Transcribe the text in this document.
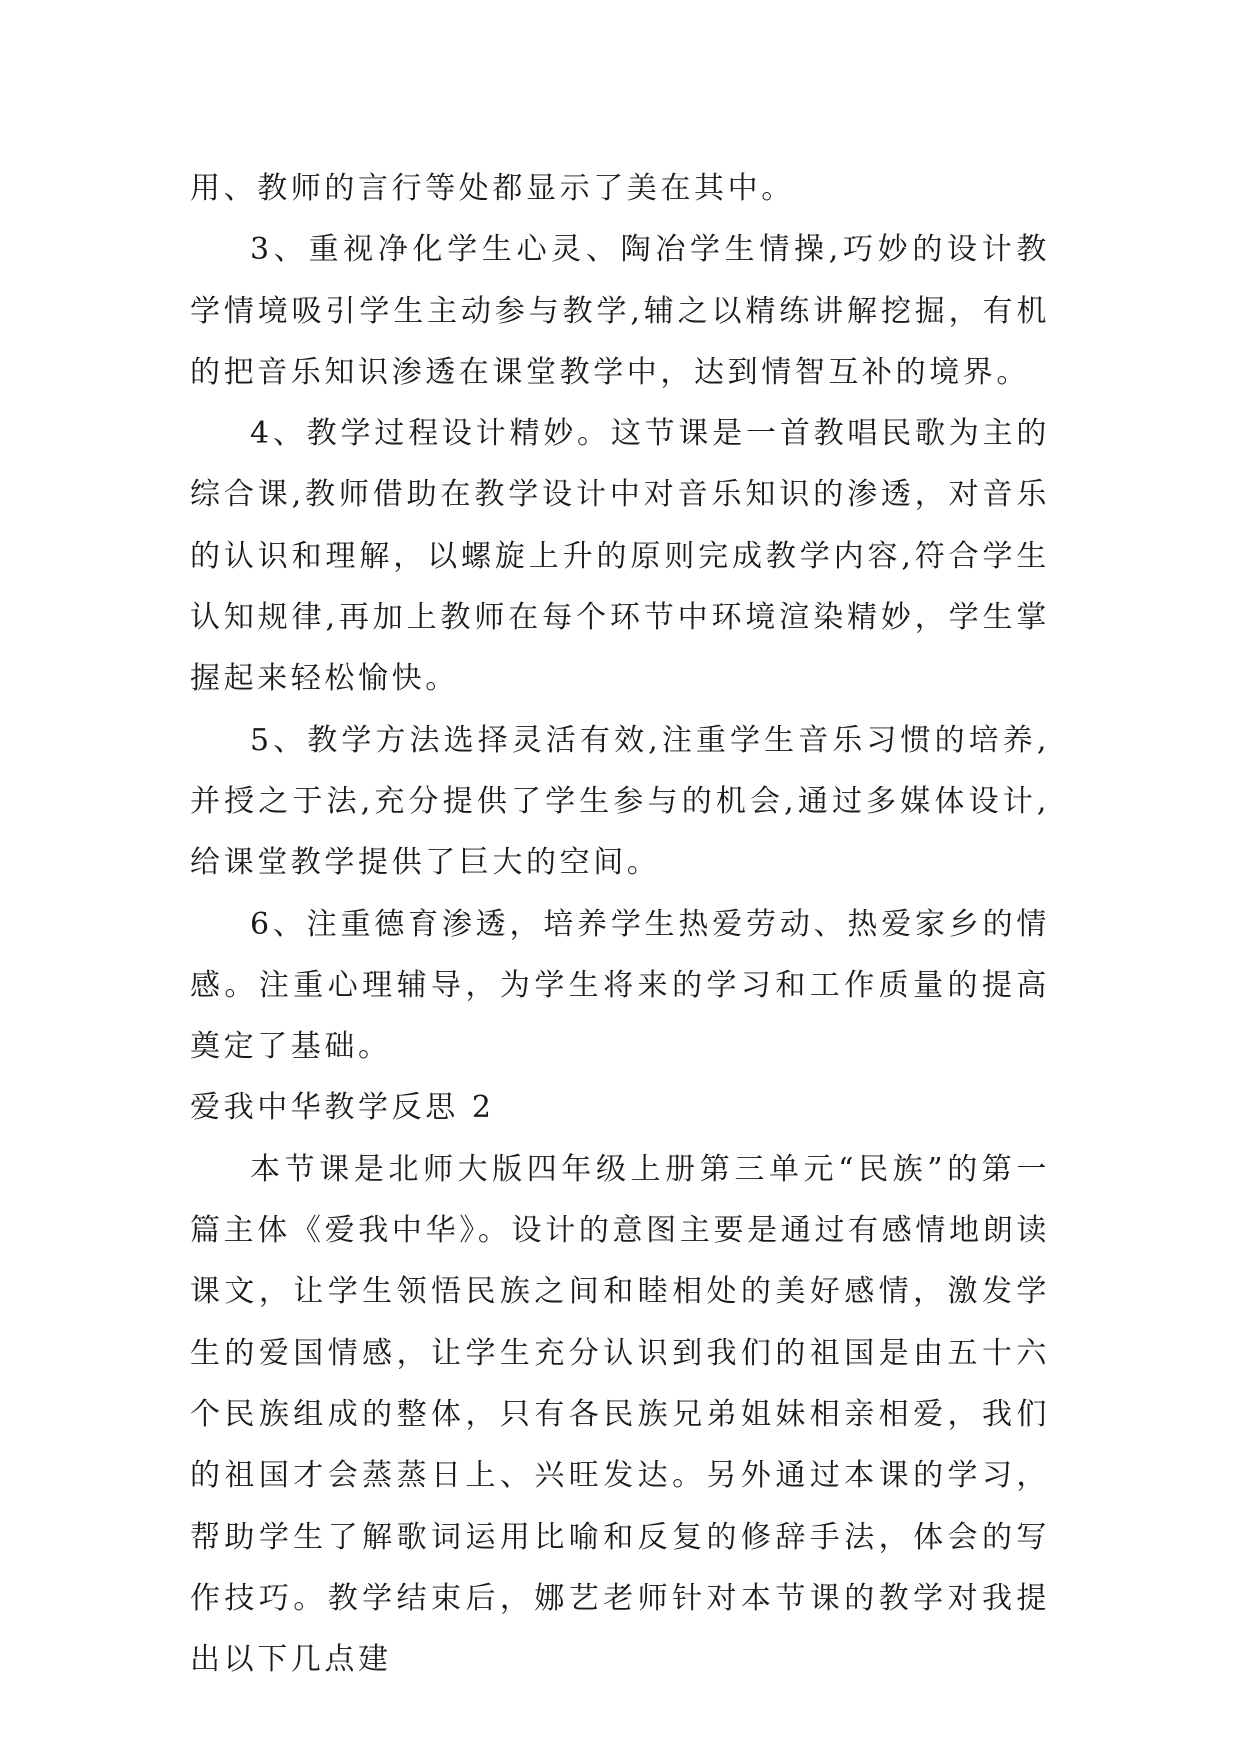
用、教师的言行等处都显示了美在其中。

3、重视净化学生心灵、陶冶学生情操,巧妙的设计教学情境吸引学生主动参与教学,辅之以精练讲解挖掘，有机的把音乐知识渗透在课堂教学中，达到情智互补的境界。

4、教学过程设计精妙。这节课是一首教唱民歌为主的综合课,教师借助在教学设计中对音乐知识的渗透，对音乐的认识和理解，以螺旋上升的原则完成教学内容,符合学生认知规律,再加上教师在每个环节中环境渲染精妙，学生掌握起来轻松愉快。

5、教学方法选择灵活有效,注重学生音乐习惯的培养,并授之于法,充分提供了学生参与的机会,通过多媒体设计,给课堂教学提供了巨大的空间。

6、注重德育渗透，培养学生热爱劳动、热爱家乡的情感。注重心理辅导，为学生将来的学习和工作质量的提高奠定了基础。

爱我中华教学反思 2

本节课是北师大版四年级上册第三单元“民族”的第一篇主体《爱我中华》。设计的意图主要是通过有感情地朗读课文，让学生领悟民族之间和睦相处的美好感情，激发学生的爱国情感，让学生充分认识到我们的祖国是由五十六个民族组成的整体，只有各民族兄弟姐妹相亲相爱，我们的祖国才会蒸蒸日上、兴旺发达。另外通过本课的学习，帮助学生了解歌词运用比喻和反复的修辞手法，体会的写作技巧。教学结束后，娜艺老师针对本节课的教学对我提出以下几点建
